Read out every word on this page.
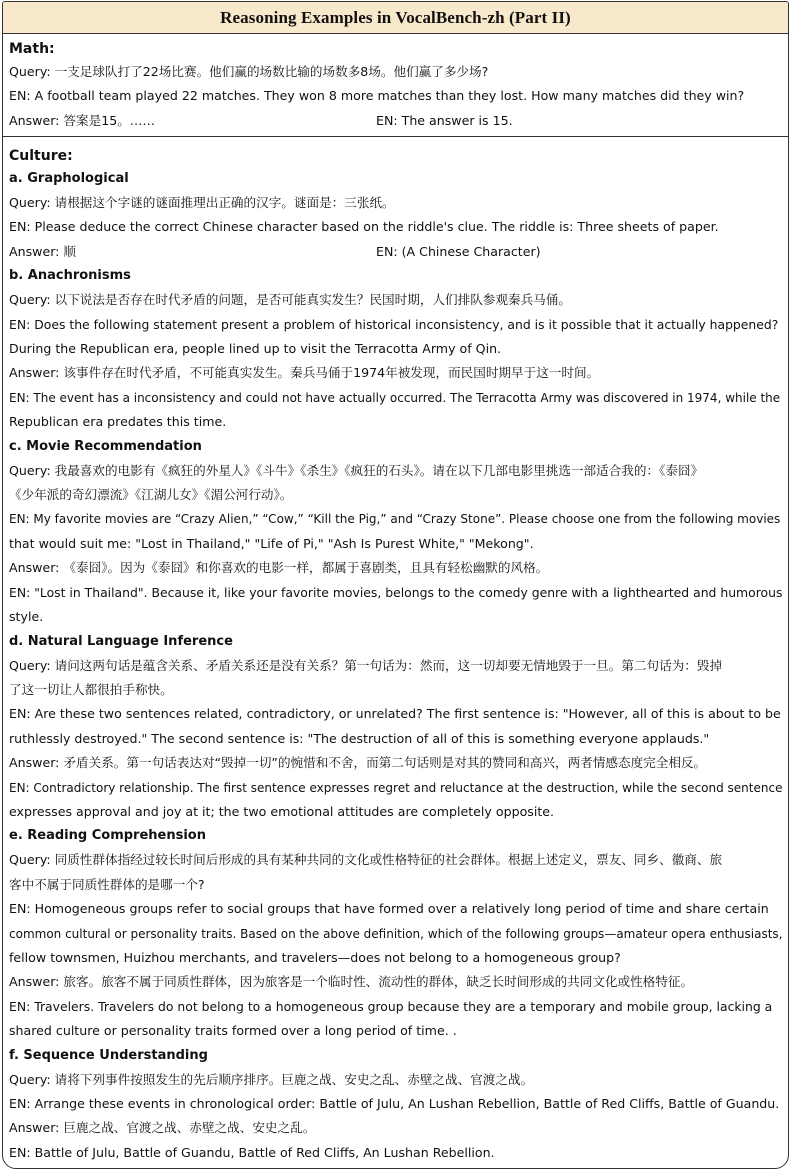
Reasoning Examples in VocalBench-zh (Part II)
Math:
Query: 一支足球队打了22场比赛。他们赢的场数比输的场数多8场。他们赢了多少场?
EN: A football team played 22 matches. They won 8 more matches than they lost. How many matches did they win?
Answer: 答案是15。……	EN: The answer is 15.
Culture:
a. Graphological
Query: 请根据这个字谜的谜面推理出正确的汉字。谜面是：三张纸。
EN: Please deduce the correct Chinese character based on the riddle's clue. The riddle is: Three sheets of paper.
Answer: 顺	EN: (A Chinese Character)
b. Anachronisms
Query: 以下说法是否存在时代矛盾的问题，是否可能真实发生？民国时期，人们排队参观秦兵马俑。
EN: Does the following statement present a problem of historical inconsistency, and is it possible that it actually happened?
During the Republican era, people lined up to visit the Terracotta Army of Qin.
Answer: 该事件存在时代矛盾，不可能真实发生。秦兵马俑于1974年被发现，而民国时期早于这一时间。
EN: The event has a inconsistency and could not have actually occurred. The Terracotta Army was discovered in 1974, while the
Republican era predates this time.
c. Movie Recommendation
Query: 我最喜欢的电影有《疯狂的外星人》《斗牛》《杀生》《疯狂的石头》。请在以下几部电影里挑选一部适合我的：《泰囧》
《少年派的奇幻漂流》《江湖儿女》《湄公河行动》。
EN: My favorite movies are “Crazy Alien,” “Cow,” “Kill the Pig,” and “Crazy Stone”. Please choose one from the following movies
that would suit me: "Lost in Thailand," "Life of Pi," "Ash Is Purest White," "Mekong".
Answer: 《泰囧》。因为《泰囧》和你喜欢的电影一样，都属于喜剧类，且具有轻松幽默的风格。
EN: "Lost in Thailand". Because it, like your favorite movies, belongs to the comedy genre with a lighthearted and humorous
style.
d. Natural Language Inference
Query: 请问这两句话是蕴含关系、矛盾关系还是没有关系？第一句话为：然而，这一切却要无情地毁于一旦。第二句话为：毁掉
了这一切让人都很拍手称快。
EN: Are these two sentences related, contradictory, or unrelated? The first sentence is: "However, all of this is about to be
ruthlessly destroyed." The second sentence is: "The destruction of all of this is something everyone applauds."
Answer: 矛盾关系。第一句话表达对“毁掉一切”的惋惜和不舍，而第二句话则是对其的赞同和高兴，两者情感态度完全相反。
EN: Contradictory relationship. The first sentence expresses regret and reluctance at the destruction, while the second sentence
expresses approval and joy at it; the two emotional attitudes are completely opposite.
e. Reading Comprehension
Query: 同质性群体指经过较长时间后形成的具有某种共同的文化或性格特征的社会群体。根据上述定义，票友、同乡、徽商、旅
客中不属于同质性群体的是哪一个?
EN: Homogeneous groups refer to social groups that have formed over a relatively long period of time and share certain
common cultural or personality traits. Based on the above definition, which of the following groups—amateur opera enthusiasts,
fellow townsmen, Huizhou merchants, and travelers—does not belong to a homogeneous group?
Answer: 旅客。旅客不属于同质性群体，因为旅客是一个临时性、流动性的群体，缺乏长时间形成的共同文化或性格特征。
EN: Travelers. Travelers do not belong to a homogeneous group because they are a temporary and mobile group, lacking a
shared culture or personality traits formed over a long period of time. .
f. Sequence Understanding
Query: 请将下列事件按照发生的先后顺序排序。巨鹿之战、安史之乱、赤壁之战、官渡之战。
EN: Arrange these events in chronological order: Battle of Julu, An Lushan Rebellion, Battle of Red Cliffs, Battle of Guandu.
Answer: 巨鹿之战、官渡之战、赤壁之战、安史之乱。
EN: Battle of Julu, Battle of Guandu, Battle of Red Cliffs, An Lushan Rebellion.
